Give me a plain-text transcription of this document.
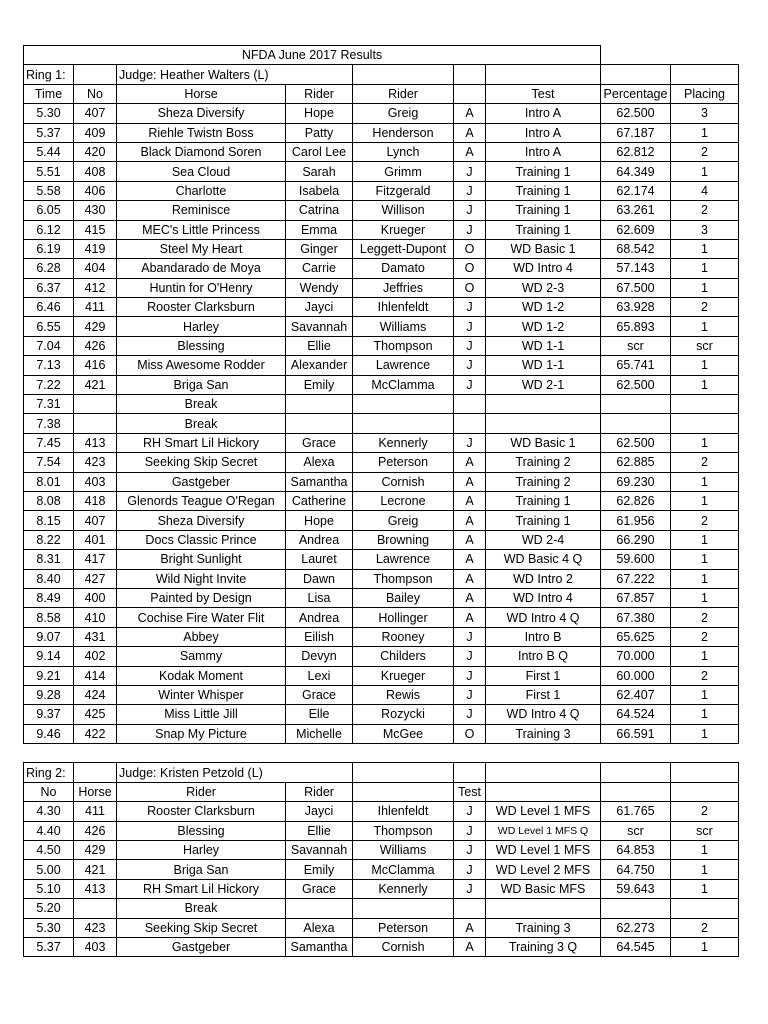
NFDA June 2017 Results								
Ring 1:		Judge: Heather Walters (L)						
Time	No	Horse	Rider	Rider		Test	Percentage	Placing
5.30	407	Sheza Diversify	Hope	Greig	A	Intro A	62.500	3
5.37	409	Riehle Twistn Boss	Patty	Henderson	A	Intro A	67.187	1
5.44	420	Black Diamond Soren	Carol Lee	Lynch	A	Intro A	62.812	2
5.51	408	Sea Cloud	Sarah	Grimm	J	Training 1	64.349	1
5.58	406	Charlotte	Isabela	Fitzgerald	J	Training 1	62.174	4
6.05	430	Reminisce	Catrina	Willison	J	Training 1	63.261	2
6.12	415	MEC's Little Princess	Emma	Krueger	J	Training 1	62.609	3
6.19	419	Steel My Heart	Ginger	Leggett-Dupont	O	WD Basic 1	68.542	1
6.28	404	Abandarado de Moya	Carrie	Damato	O	WD Intro 4	57.143	1
6.37	412	Huntin for O'Henry	Wendy	Jeffries	O	WD 2-3	67.500	1
6.46	411	Rooster Clarksburn	Jayci	Ihlenfeldt	J	WD 1-2	63.928	2
6.55	429	Harley	Savannah	Williams	J	WD 1-2	65.893	1
7.04	426	Blessing	Ellie	Thompson	J	WD 1-1	scr	scr
7.13	416	Miss Awesome Rodder	Alexander	Lawrence	J	WD 1-1	65.741	1
7.22	421	Briga San	Emily	McClamma	J	WD 2-1	62.500	1
7.31		Break						
7.38		Break						
7.45	413	RH Smart Lil Hickory	Grace	Kennerly	J	WD Basic 1	62.500	1
7.54	423	Seeking Skip Secret	Alexa	Peterson	A	Training 2	62.885	2
8.01	403	Gastgeber	Samantha	Cornish	A	Training 2	69.230	1
8.08	418	Glenords Teague O'Regan	Catherine	Lecrone	A	Training 1	62.826	1
8.15	407	Sheza Diversify	Hope	Greig	A	Training 1	61.956	2
8.22	401	Docs Classic Prince	Andrea	Browning	A	WD 2-4	66.290	1
8.31	417	Bright Sunlight	Lauret	Lawrence	A	WD Basic 4 Q	59.600	1
8.40	427	Wild Night Invite	Dawn	Thompson	A	WD Intro 2	67.222	1
8.49	400	Painted by Design	Lisa	Bailey	A	WD Intro 4	67.857	1
8.58	410	Cochise Fire Water Flit	Andrea	Hollinger	A	WD Intro 4 Q	67.380	2
9.07	431	Abbey	Eilish	Rooney	J	Intro B	65.625	2
9.14	402	Sammy	Devyn	Childers	J	Intro B Q	70.000	1
9.21	414	Kodak Moment	Lexi	Krueger	J	First 1	60.000	2
9.28	424	Winter Whisper	Grace	Rewis	J	First 1	62.407	1
9.37	425	Miss Little Jill	Elle	Rozycki	J	WD Intro 4 Q	64.524	1
9.46	422	Snap My Picture	Michelle	McGee	O	Training 3	66.591	1

Ring 2:		Judge: Kristen Petzold (L)						
No	Horse	Rider	Rider		Test			
4.30	411	Rooster Clarksburn	Jayci	Ihlenfeldt	J	WD Level 1 MFS	61.765	2
4.40	426	Blessing	Ellie	Thompson	J	WD Level 1 MFS Q	scr	scr
4.50	429	Harley	Savannah	Williams	J	WD Level 1 MFS	64.853	1
5.00	421	Briga San	Emily	McClamma	J	WD Level 2 MFS	64.750	1
5.10	413	RH Smart Lil Hickory	Grace	Kennerly	J	WD Basic MFS	59.643	1
5.20		Break						
5.30	423	Seeking Skip Secret	Alexa	Peterson	A	Training 3	62.273	2
5.37	403	Gastgeber	Samantha	Cornish	A	Training 3 Q	64.545	1
